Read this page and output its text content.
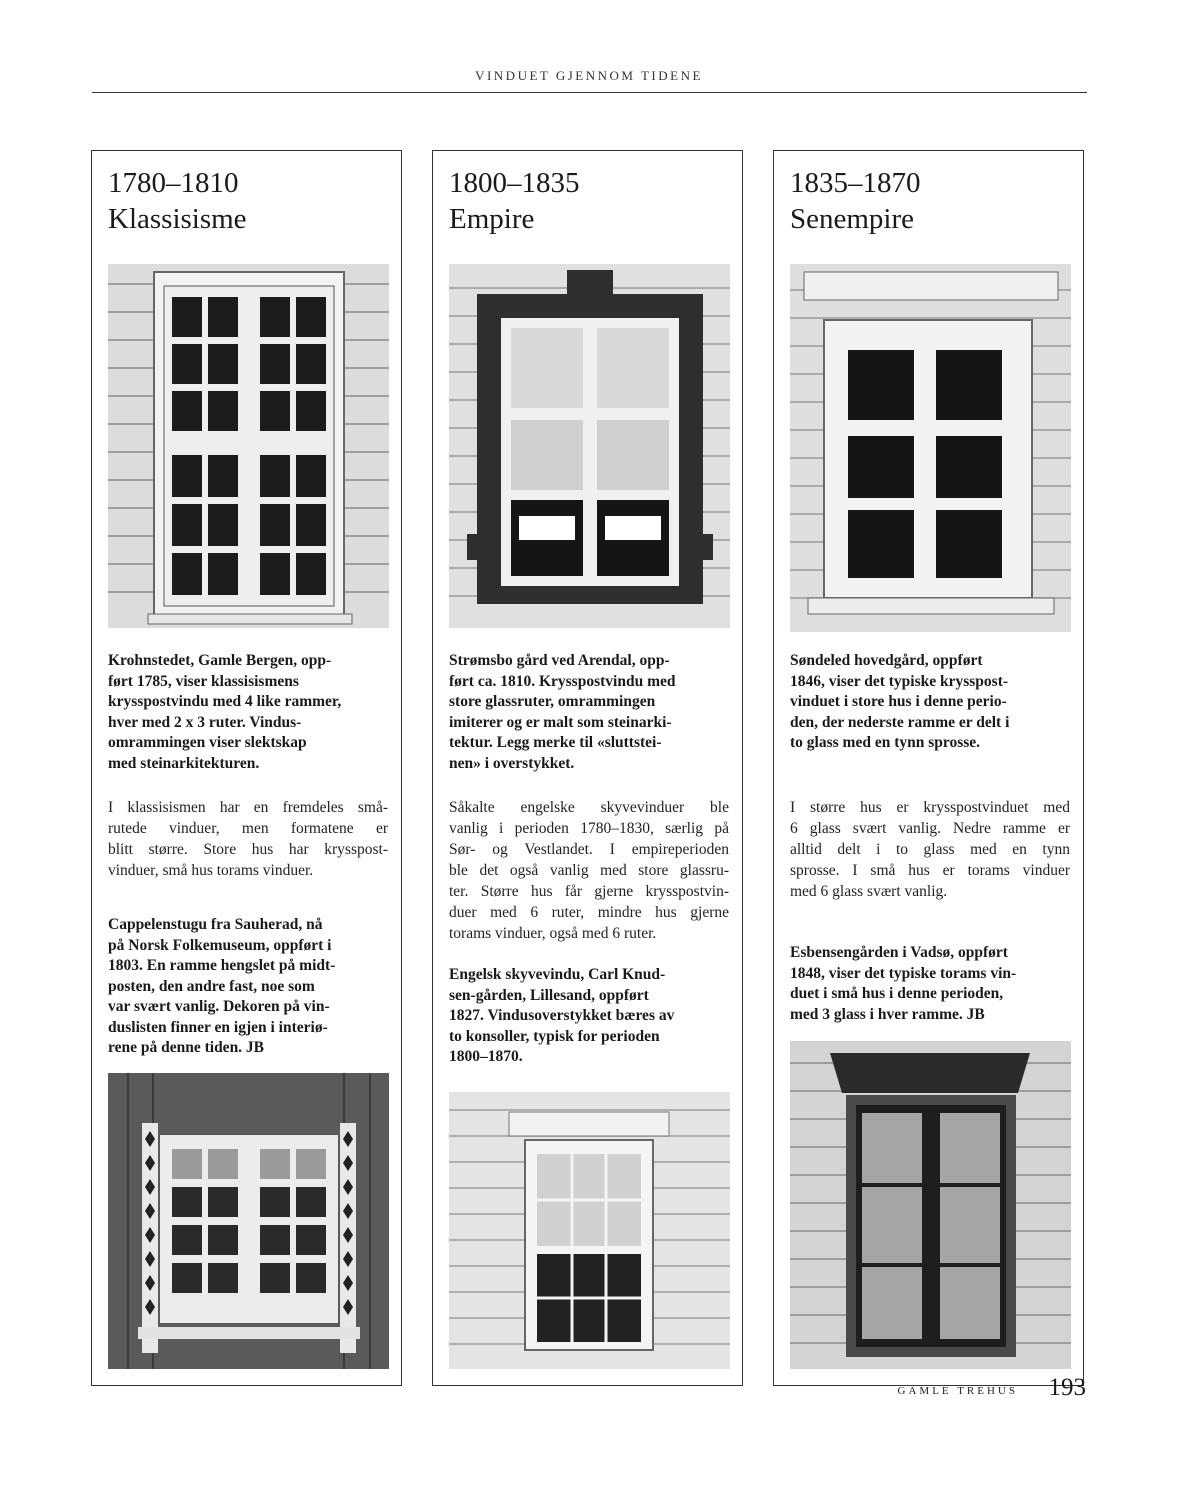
VINDUET GJENNOM TIDENE
1780–1810
Klassisisme

Krohnstedet, Gamle Bergen, opp-
ført 1785, viser klassisismens
krysspostvindu med 4 like rammer,
hver med 2 x 3 ruter. Vindus-
omrammingen viser slektskap
med steinarkitekturen.

I klassisismen har en fremdeles små-
rutede vinduer, men formatene er
blitt større. Store hus har krysspost-
vinduer, små hus torams vinduer.

Cappelenstugu fra Sauherad, nå
på Norsk Folkemuseum, oppført i
1803. En ramme hengslet på midt-
posten, den andre fast, noe som
var svært vanlig. Dekoren på vin-
duslisten finner en igjen i interiø-
rene på denne tiden. JB

1800–1835
Empire

Strømsbo gård ved Arendal, opp-
ført ca. 1810. Krysspostvindu med
store glassruter, omrammingen
imiterer og er malt som steinarki-
tektur. Legg merke til «sluttstei-
nen» i overstykket.

Såkalte engelske skyvevinduer ble
vanlig i perioden 1780–1830, særlig på
Sør- og Vestlandet. I empireperioden
ble det også vanlig med store glassru-
ter. Større hus får gjerne krysspostvin-
duer med 6 ruter, mindre hus gjerne
torams vinduer, også med 6 ruter.

Engelsk skyvevindu, Carl Knud-
sen-gården, Lillesand, oppført
1827. Vindusoverstykket bæres av
to konsoller, typisk for perioden
1800–1870.

1835–1870
Senempire

Søndeled hovedgård, oppført
1846, viser det typiske krysspost-
vinduet i store hus i denne perio-
den, der nederste ramme er delt i
to glass med en tynn sprosse.

I større hus er krysspostvinduet med
6 glass svært vanlig. Nedre ramme er
alltid delt i to glass med en tynn
sprosse. I små hus er torams vinduer
med 6 glass svært vanlig.

Esbensengården i Vadsø, oppført
1848, viser det typiske torams vin-
duet i små hus i denne perioden,
med 3 glass i hver ramme. JB

GAMLE TREHUS 193
